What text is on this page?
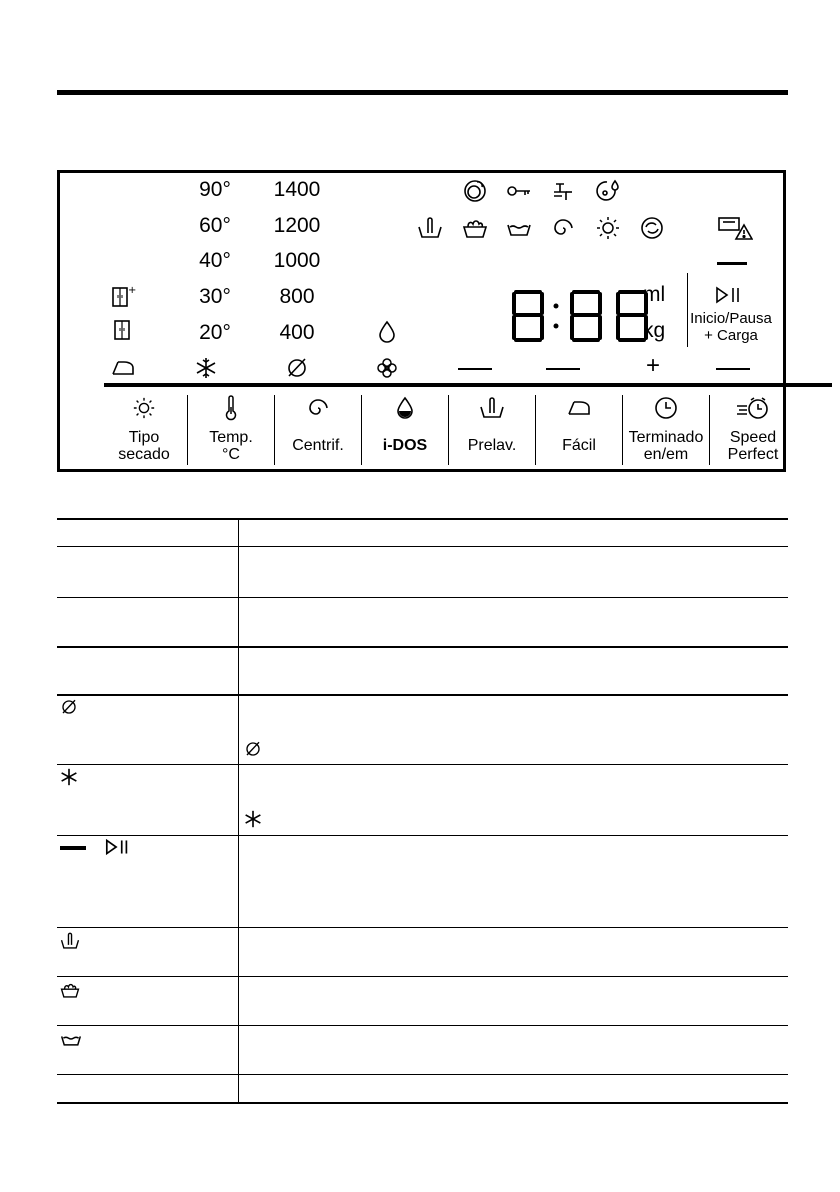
+
90°
60°
40°
30°
20°
1400
1200
1000
800
400
ml
kg
Inicio/Pausa
+ Carga
+
Tipo
secado
Temp.
°C
Centrif.	i-DOS	Prelav.	Fácil	Terminado
en/em
Speed
Perfect
